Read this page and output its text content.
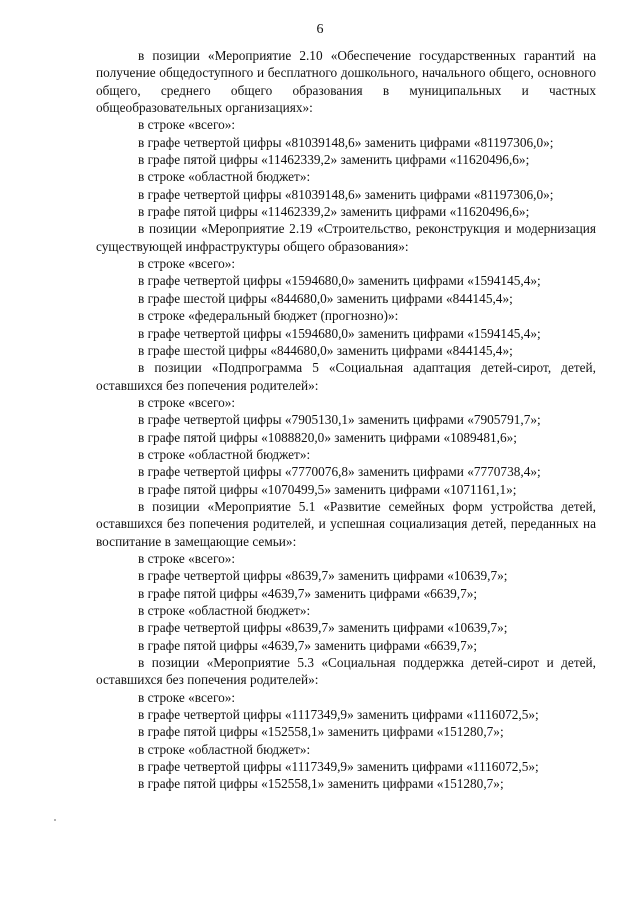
6

в позиции «Мероприятие 2.10 «Обеспечение государственных гарантий на получение общедоступного и бесплатного дошкольного, начального общего, основного общего, среднего общего образования в муниципальных и частных общеобразовательных организациях»:

в строке «всего»:

в графе четвертой цифры «81039148,6» заменить цифрами «81197306,0»;

в графе пятой цифры «11462339,2» заменить цифрами «11620496,6»;

в строке «областной бюджет»:

в графе четвертой цифры «81039148,6» заменить цифрами «81197306,0»;

в графе пятой цифры «11462339,2» заменить цифрами «11620496,6»;

в позиции «Мероприятие 2.19 «Строительство, реконструкция и модернизация существующей инфраструктуры общего образования»:

в строке «всего»:

в графе четвертой цифры «1594680,0» заменить цифрами «1594145,4»;

в графе шестой цифры «844680,0» заменить цифрами «844145,4»;

в строке «федеральный бюджет (прогнозно)»:

в графе четвертой цифры «1594680,0» заменить цифрами «1594145,4»;

в графе шестой цифры «844680,0» заменить цифрами «844145,4»;

в позиции «Подпрограмма 5 «Социальная адаптация детей-сирот, детей, оставшихся без попечения родителей»:

в строке «всего»:

в графе четвертой цифры «7905130,1» заменить цифрами «7905791,7»;

в графе пятой цифры «1088820,0» заменить цифрами «1089481,6»;

в строке «областной бюджет»:

в графе четвертой цифры «7770076,8» заменить цифрами «7770738,4»;

в графе пятой цифры «1070499,5» заменить цифрами «1071161,1»;

в позиции «Мероприятие 5.1 «Развитие семейных форм устройства детей, оставшихся без попечения родителей, и успешная социализация детей, переданных на воспитание в замещающие семьи»:

в строке «всего»:

в графе четвертой цифры «8639,7» заменить цифрами «10639,7»;

в графе пятой цифры «4639,7» заменить цифрами «6639,7»;

в строке «областной бюджет»:

в графе четвертой цифры «8639,7» заменить цифрами «10639,7»;

в графе пятой цифры «4639,7» заменить цифрами «6639,7»;

в позиции «Мероприятие 5.3 «Социальная поддержка детей-сирот и детей, оставшихся без попечения родителей»:

в строке «всего»:

в графе четвертой цифры «1117349,9» заменить цифрами «1116072,5»;

в графе пятой цифры «152558,1» заменить цифрами «151280,7»;

в строке «областной бюджет»:

в графе четвертой цифры «1117349,9» заменить цифрами «1116072,5»;

в графе пятой цифры «152558,1» заменить цифрами «151280,7»;
